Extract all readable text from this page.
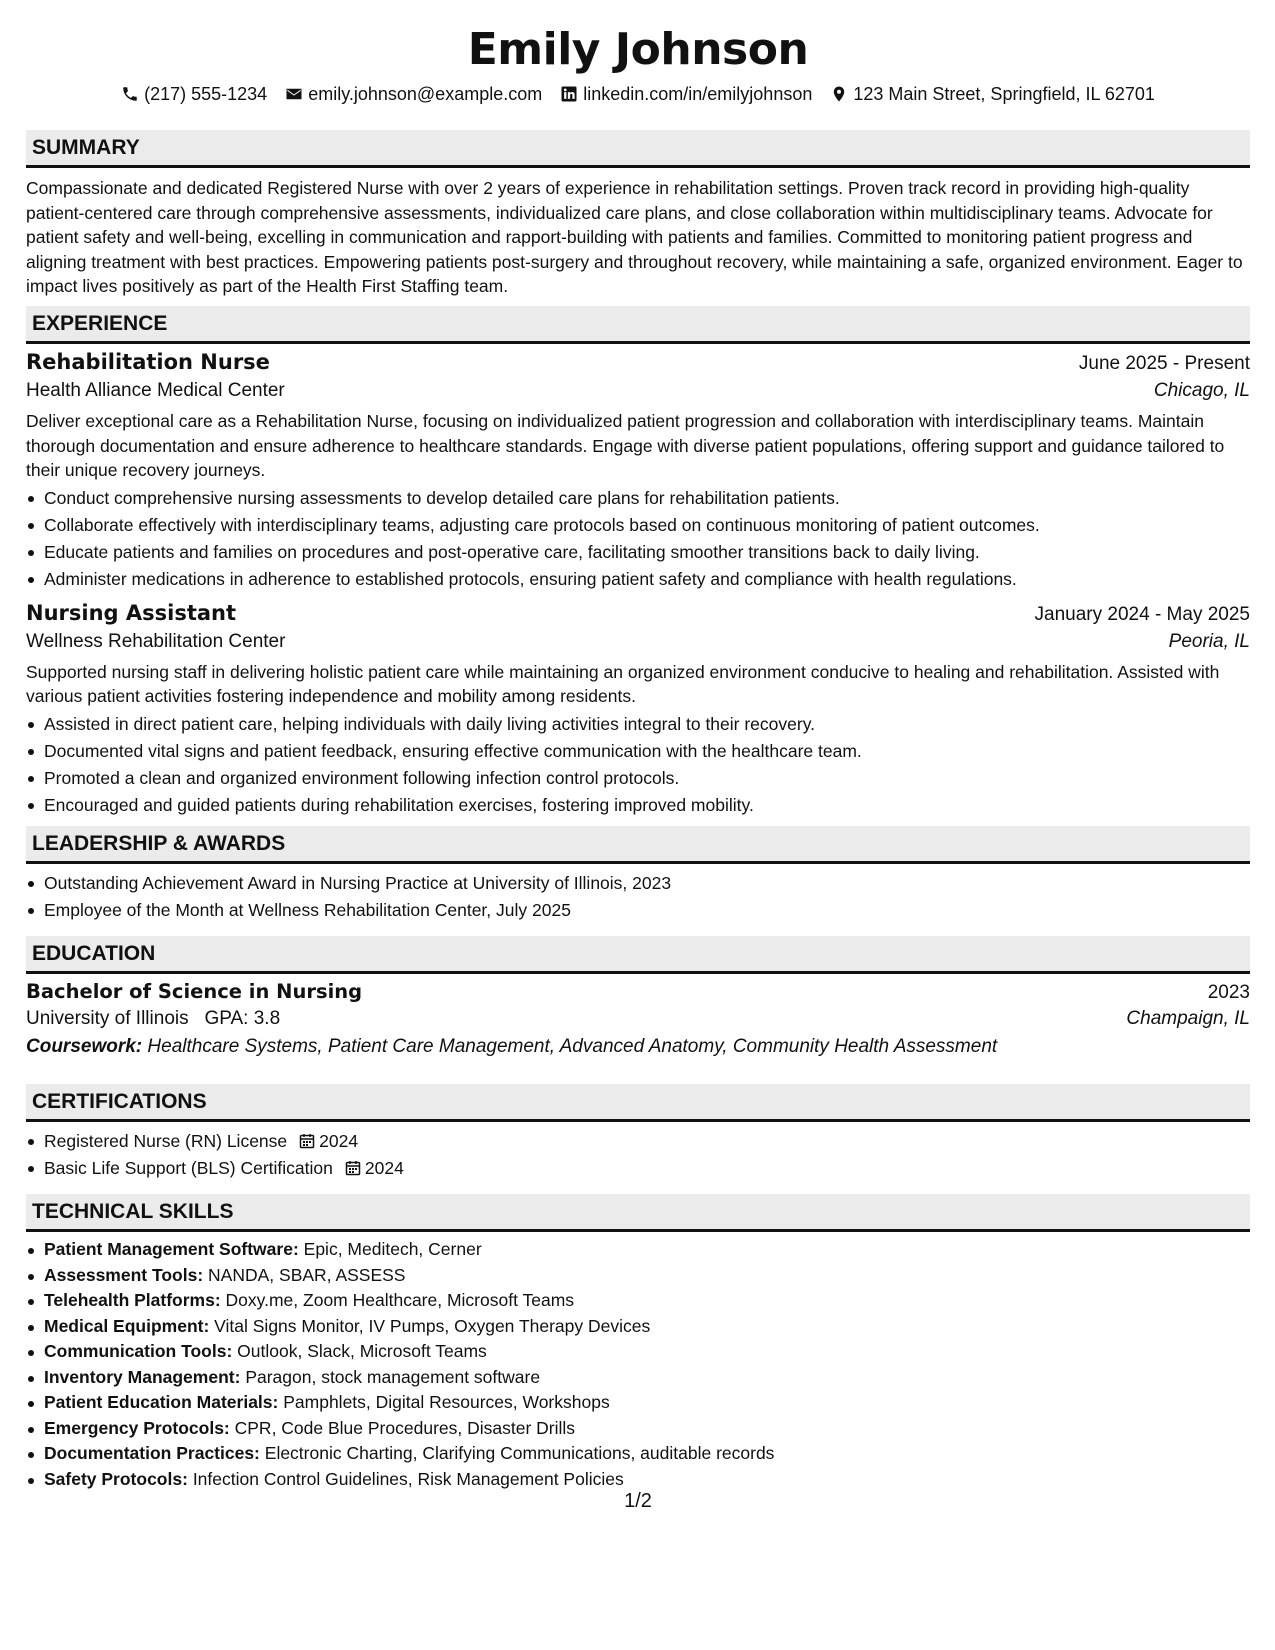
Emily Johnson
(217) 555-1234 emily.johnson@example.com linkedin.com/in/emilyjohnson 123 Main Street, Springfield, IL 62701
SUMMARY
Compassionate and dedicated Registered Nurse with over 2 years of experience in rehabilitation settings. Proven track record in providing high-quality patient-centered care through comprehensive assessments, individualized care plans, and close collaboration within multidisciplinary teams. Advocate for patient safety and well-being, excelling in communication and rapport-building with patients and families. Committed to monitoring patient progress and aligning treatment with best practices. Empowering patients post-surgery and throughout recovery, while maintaining a safe, organized environment. Eager to impact lives positively as part of the Health First Staffing team.
EXPERIENCE
Rehabilitation Nurse	June 2025 - Present
Health Alliance Medical Center	Chicago, IL
Deliver exceptional care as a Rehabilitation Nurse, focusing on individualized patient progression and collaboration with interdisciplinary teams. Maintain thorough documentation and ensure adherence to healthcare standards. Engage with diverse patient populations, offering support and guidance tailored to their unique recovery journeys.
Conduct comprehensive nursing assessments to develop detailed care plans for rehabilitation patients.
Collaborate effectively with interdisciplinary teams, adjusting care protocols based on continuous monitoring of patient outcomes.
Educate patients and families on procedures and post-operative care, facilitating smoother transitions back to daily living.
Administer medications in adherence to established protocols, ensuring patient safety and compliance with health regulations.
Nursing Assistant	January 2024 - May 2025
Wellness Rehabilitation Center	Peoria, IL
Supported nursing staff in delivering holistic patient care while maintaining an organized environment conducive to healing and rehabilitation. Assisted with various patient activities fostering independence and mobility among residents.
Assisted in direct patient care, helping individuals with daily living activities integral to their recovery.
Documented vital signs and patient feedback, ensuring effective communication with the healthcare team.
Promoted a clean and organized environment following infection control protocols.
Encouraged and guided patients during rehabilitation exercises, fostering improved mobility.
LEADERSHIP & AWARDS
Outstanding Achievement Award in Nursing Practice at University of Illinois, 2023
Employee of the Month at Wellness Rehabilitation Center, July 2025
EDUCATION
Bachelor of Science in Nursing	2023
University of Illinois GPA: 3.8	Champaign, IL
Coursework: Healthcare Systems, Patient Care Management, Advanced Anatomy, Community Health Assessment
CERTIFICATIONS
Registered Nurse (RN) License 2024
Basic Life Support (BLS) Certification 2024
TECHNICAL SKILLS
Patient Management Software: Epic, Meditech, Cerner
Assessment Tools: NANDA, SBAR, ASSESS
Telehealth Platforms: Doxy.me, Zoom Healthcare, Microsoft Teams
Medical Equipment: Vital Signs Monitor, IV Pumps, Oxygen Therapy Devices
Communication Tools: Outlook, Slack, Microsoft Teams
Inventory Management: Paragon, stock management software
Patient Education Materials: Pamphlets, Digital Resources, Workshops
Emergency Protocols: CPR, Code Blue Procedures, Disaster Drills
Documentation Practices: Electronic Charting, Clarifying Communications, auditable records
Safety Protocols: Infection Control Guidelines, Risk Management Policies
1/2
